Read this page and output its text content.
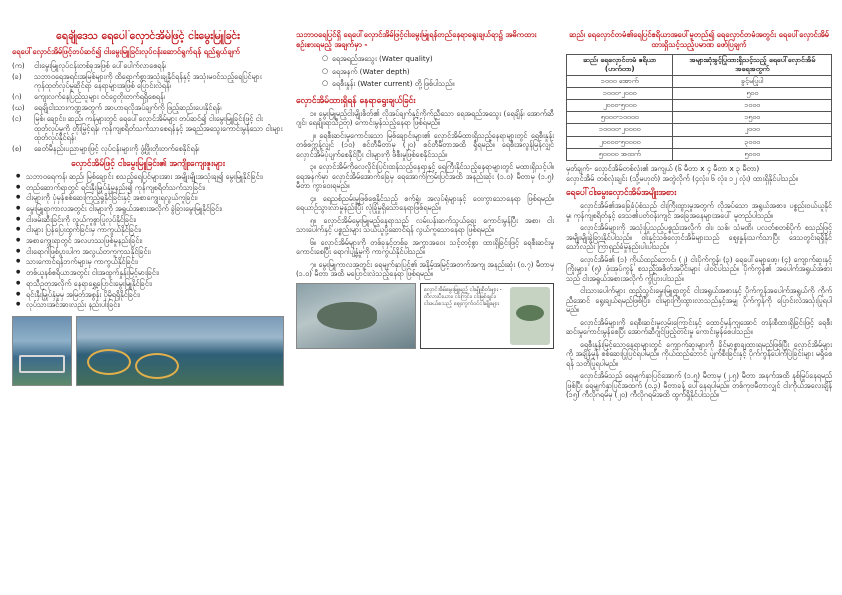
ရေချိုဒေသ ရေပေါ်လှောင်အိမ်ဖြင့် ငါးမွေးမြူခြင်း
ရေပေါ်လှောင်အိမ်ဖြင့်တပ်ဆင်၍ ငါးမွေးမြူခြင်းလုပ်ငန်းဆောင်ရွက်ရန် ရည်ရွယ်ချက်
(က)	ငါးမွေးမြူလုပ်ငန်းတစ်ခုအဖြစ် ပေါ်ပေါက်လာစေရန်၊
(ခ)	သဘာဝရေအရင်းအမြစ်များကို ထိရောက်စွာအသုံးချနိုင်ရန်နှင့် အသုံးမဝင်သည့်ရေပြင်များ ကုန်ထုတ်လုပ်မှုဆိုင်ရာ နေရာများအဖြစ် ပြောင်းလဲရန်၊
(ဂ)	ကျေးလက်နေပြည်သူများ ဝင်ငွေတိုးတက်ရရှိစေရန်၊
(ဃ)	ရေချိုငါးသားကဏ္ဍအတွက် အာဟာရလိုအပ်ချက်ကို ဖြည့်ဆည်းပေးနိုင်ရန်၊
(င)	မြစ်၊ ချောင်း၊ ဆည်၊ ကန်များတွင် ရေပေါ်လှောင်အိမ်များ တပ်ဆင်၍ ငါးမွေးမြူခြင်းဖြင့် ငါးထုတ်လုပ်မှုကို တိုးမြှင့်ရန်၊ ကုန်ကျစရိတ်သက်သာစေရန်နှင့် အရည်အသွေးကောင်းမွန်သော ငါးများ ထုတ်လုပ်နိုင်ရန်၊
(စ)	ခေတ်မီနည်းပညာများဖြင့် လုပ်ငန်းများကို ဖွံ့ဖြိုးတိုးတက်စေနိုင်ရန်၊
လှောင်အိမ်ဖြင့် ငါးမွေးမြူခြင်း၏ အကျိုးကျေးဇူးများ
● သဘာဝရေကန်၊ ဆည်၊ မြစ်ချောင်း စသည့်ရေပြင်များအား အမျိုးမျိုးအသုံးချ၍ မွေးမြူနိုင်ခြင်း၊
● တည်ဆောက်ရာတွင် ရင်းနှီးမြှုပ်နှံမှုနည်း၍ ကုန်ကျစရိတ်သက်သာခြင်း၊
● ငါးများကို ပုံမှန်စစ်ဆေးကြည့်ရှုနိုင်ခြင်းနှင့် အစာကျွေးရလွယ်ကူခြင်း၊
● မွေးမြူရာကာလအတွင်း ငါးများကို အရွယ်အစားအလိုက် ခွဲခြားမွေးမြူနိုင်ခြင်း၊
● ငါးဖမ်းဆီးခြင်းကို လွယ်ကူစွာပြုလုပ်နိုင်ခြင်း၊
● ငါးများ ပြန်ပြေးထွက်ခြင်းမှ ကာကွယ်နိုင်ခြင်း၊
● အစာကျွေးရာတွင် အလဟဿဖြစ်မှုနည်းခြင်း၊
● ငါးရောဂါဖြစ်ပွားပါက အလွယ်တကူကုသနိုင်ခြင်း၊
● သားကောင်ရန်ဘက်များမှ ကာကွယ်နိုင်ခြင်း၊
● တစ်ယူနစ်ဧရိယာအတွင်း ငါးအထွက်နှုန်းမြင့်မားခြင်း၊
● ရာသီဥတုအလိုက် နေရာရွှေ့ပြောင်းမွေးမြူနိုင်ခြင်း၊
● ရင်းနှီးမြှုပ်နှံမှုမှ အမြတ်အစွန်း ပိုမိုရရှိနိုင်ခြင်း၊
● လုပ်သားအင်အားလည်း နည်းပါးခြင်း၊
သဘာဝရေပြင်ရှိ ရေပေါ်လှောင်အိမ်ဖြင့်ငါးမွေးမြူရန်တည်နေရာရွေးချယ်ရာ၌ အဓိကထား စဉ်းစားရမည့် အချက်မှာ -
○ ရေအရည်အသွေး (Water quality)
○ ရေအနက် (Water depth)
○ ရေစီးနှုန်း (Water current) တို့ဖြစ်ပါသည်။
လှောင်အိမ်ထားရှိရန် နေရာရွေးချယ်ခြင်း

၁။ မွေးမြူမည့်ငါးမျိုးစိတ်၏ လိုအပ်ချက်နှင့်ကိုက်ညီသော ရေအရည်အသွေး (ရေချိန်၊ အောက်ဆီဂျင်၊ ရေချိုးရာသီဥတု) ကောင်းမွန်သည့်နေရာ ဖြစ်ရမည်။

၂။ ရေစီးဆင်းမှုကောင်းသော မြစ်ချောင်းများ၏ လှောင်အိမ်ထားရှိသည့်နေရာများတွင် ရေစီးနှုန်း တစ်စက္ကန့်လျှင် (၁၀) စင်တီမီတာမှ (၂၀) စင်တီမီတာအထိ ရှိရမည်။ ရေစီးအလွန်မြန်လျှင် လှောင်အိမ်ပုံပျက်စေနိုင်ပြီး ငါးများကို ဖိစီးမှုဖြစ်စေနိုင်သည်။

၃။ လှောင်အိမ်ကိုလေလှိုင်းပြင်းထန်သည့်နေရာနှင့် ရေကြီးနိုင်သည့်နေရာများတွင် မထားရှိသင့်ပါ။ ရေအနက်မှာ လှောင်အိမ်အောက်ခြေမှ ရေအောက်ကြမ်းပြင်အထိ အနည်းဆုံး (၁.၀) မီတာမှ (၁.၅) မီတာ ကွာဝေးရမည်။

၄။ ရေညစ်ညမ်းမှုဖြစ်စေနိုင်သည့် စက်ရုံ၊ အလုပ်ရုံများနှင့် ဝေးကွာသောနေရာ ဖြစ်ရမည်။ ရေယာဉ်သွားလာမှုနည်းပြီး လုံခြုံမှုရှိသောနေရာဖြစ်ရမည်။

၅။ လှောင်အိမ်မွေးမြူမည့်နေရာသည် လမ်းပန်းဆက်သွယ်ရေး ကောင်းမွန်ပြီး အစာ၊ ငါးသားပေါက်နှင့် ပစ္စည်းများ သယ်ယူပို့ဆောင်ရန် လွယ်ကူသောနေရာ ဖြစ်ရမည်။

၆။ လှောင်အိမ်များကို တစ်ခုနှင့်တစ်ခု အကွာအဝေး သင့်တင့်စွာ ထားရှိခြင်းဖြင့် ရေစီးဆင်းမှုကောင်းစေပြီး ရောဂါပျံ့နှံ့မှုကို ကာကွယ်နိုင်ပါသည်။

၇။ မွေးမြူကာလအတွင်း ရေမျက်နှာပြင်၏ အနိမ့်အမြင့်အတက်အကျ အနည်းဆုံး (၀.၇) မီတာမှ (၁.၀) မီတာ အထိ မပြောင်းလဲသည့်နေရာ ဖြစ်ရမည်။

လှောင်အိမ်မွေးမြူမည့် ငါးမျိုးစိတ်များ - တီလားပီးယား၊ ငါးကြင်း၊ ငါးမြစ်ချင်း၊ ငါးဖယ်စသည့် ဈေးကွက်ဝင်ငါးမျိုးများ
ဆည်၊ ရေလှောင်တမံ၏ရေပြင်ဧရိယာအပေါ်မူတည်၍ ရေလှောင်တမံအတွင်း ရေပေါ်လှောင်အိမ် ထားရှိသင့်သည့်ပမာဏ ဖော်ပြချက်
ဆည်၊ ရေလှောင်တမံ ဧရိယာ (ဟက်တာ)	အများဆုံးခွင့်ပြုထားရှိသင့်သည့် ရေပေါ်လှောင်အိမ် အရေအတွက်
၁၀၀၀ အောက်	ခွင့်မပြုပါ
၁၀၀၀-၂၀၀၀	၅၀၀
၂၀၀၀-၅၀၀၀	၁၀၀၀
၅၀၀၀-၁၀၀၀၀	၁၅၀၀
၁၀၀၀၀-၂၀၀၀၀	၂၀၀၀
၂၀၀၀၀-၅၀၀၀၀	၃၀၀၀
၅၀၀၀၀ အထက်	၅၀၀၀
မှတ်ချက်- လှောင်အိမ်တစ်လုံး၏ အကျယ် (၆ မီတာ x ၄ မီတာ x ၃ မီတာ)
လှောင်အိမ် တစ်လုံးချင်း (သို့မဟုတ်) အတွဲလိုက် (၄လုံး၊ ၆ လုံး၊ ၁၂ လုံး) ထားရှိနိုင်ပါသည်။
ရေပေါ်ငါးမွေးလှောင်အိမ်အမျိုးအစား

လှောင်အိမ်၏အခြေခံပုံစံသည် ငါးကြီးထွားမှုအတွက် လိုအပ်သော အရွယ်အစား၊ ပစ္စည်းဝယ်ယူနိုင်မှု၊ ကုန်ကျစရိတ်နှင့် ဒေသ၏ပတ်ဝန်းကျင် အခြေအနေများအပေါ် မူတည်ပါသည်။

လှောင်အိမ်များကို အသုံးပြုသည့်ပစ္စည်းအလိုက် ဝါး၊ သစ်၊ သံမဏိ၊ ပလတ်စတစ်ပိုက် စသည်ဖြင့် အမျိုးမျိုးခွဲခြားနိုင်ပါသည်။ ဝါးနှင့်သစ်လှောင်အိမ်များသည် ဈေးနှုန်းသက်သာပြီး ဒေသတွင်းရရှိနိုင်သော်လည်း ကြာရှည်ခံမှုနည်းပါးပါသည်။

လှောင်အိမ်၏ (၁) ကိုယ်ထည်ဘောင်၊ (၂) ငါးပိုက်ကွန်၊ (၃) ရေပေါ်မျောဖော့၊ (၄) ကျောက်ဆူးနှင့် ကြိုးများ၊ (၅) ဖုံးအုပ်ကွန် စသည့်အစိတ်အပိုင်းများ ပါဝင်ပါသည်။ ပိုက်ကွန်၏ အပေါက်အရွယ်အစားသည် ငါးအရွယ်အစားအလိုက် ကွဲပြားပါသည်။

ငါးသားပေါက်များ ထည့်သွင်းမွေးမြူရာတွင် ငါးအရွယ်အစားနှင့် ပိုက်ကွန်အပေါက်အရွယ်ကို ကိုက်ညီအောင် ရွေးချယ်ရမည်ဖြစ်ပြီး၊ ငါးများကြီးထွားလာသည်နှင့်အမျှ ပိုက်ကွန်ကို ပြောင်းလဲအသုံးပြုရပါမည်။

လှောင်အိမ်များကို ရေစီးဆင်းမှုလမ်းကြောင်းနှင့် ထောင့်မှန်ကျအောင် တန်းစီထားရှိခြင်းဖြင့် ရေစီးဆင်းမှုကောင်းမွန်စေပြီး အောက်ဆီဂျင်ဖြည့်တင်းမှု ကောင်းမွန်စေပါသည်။

ရေစီးနှုန်းမြင့်သောနေရာများတွင် ကျောက်ဆူးများကို ခိုင်မာစွာချထားရမည်ဖြစ်ပြီး လှောင်အိမ်များကို အချိန်မှန် စစ်ဆေးပြုပြင်ရပါမည်။ ကိုယ်ထည်ဘောင် ပျက်စီးခြင်းနှင့် ပိုက်ကွန်ပေါက်ပြဲခြင်းများ မရှိစေရန် သတိပြုရပါမည်။

လှောင်အိမ်သည် ရေမျက်နှာပြင်အောက် (၁.၅) မီတာမှ (၂.၅) မီတာ အနက်အထိ နစ်မြုပ်နေရမည်ဖြစ်ပြီး ရေမျက်နှာပြင်အထက် (၀.၃) မီတာခန့် ပေါ်နေရပါမည်။ တစ်ကုဗမီတာလျှင် ငါးကိုယ်အလေးချိန် (၁၅) ကီလိုဂရမ်မှ (၂၀) ကီလိုဂရမ်အထိ ထွက်ရှိနိုင်ပါသည်။
